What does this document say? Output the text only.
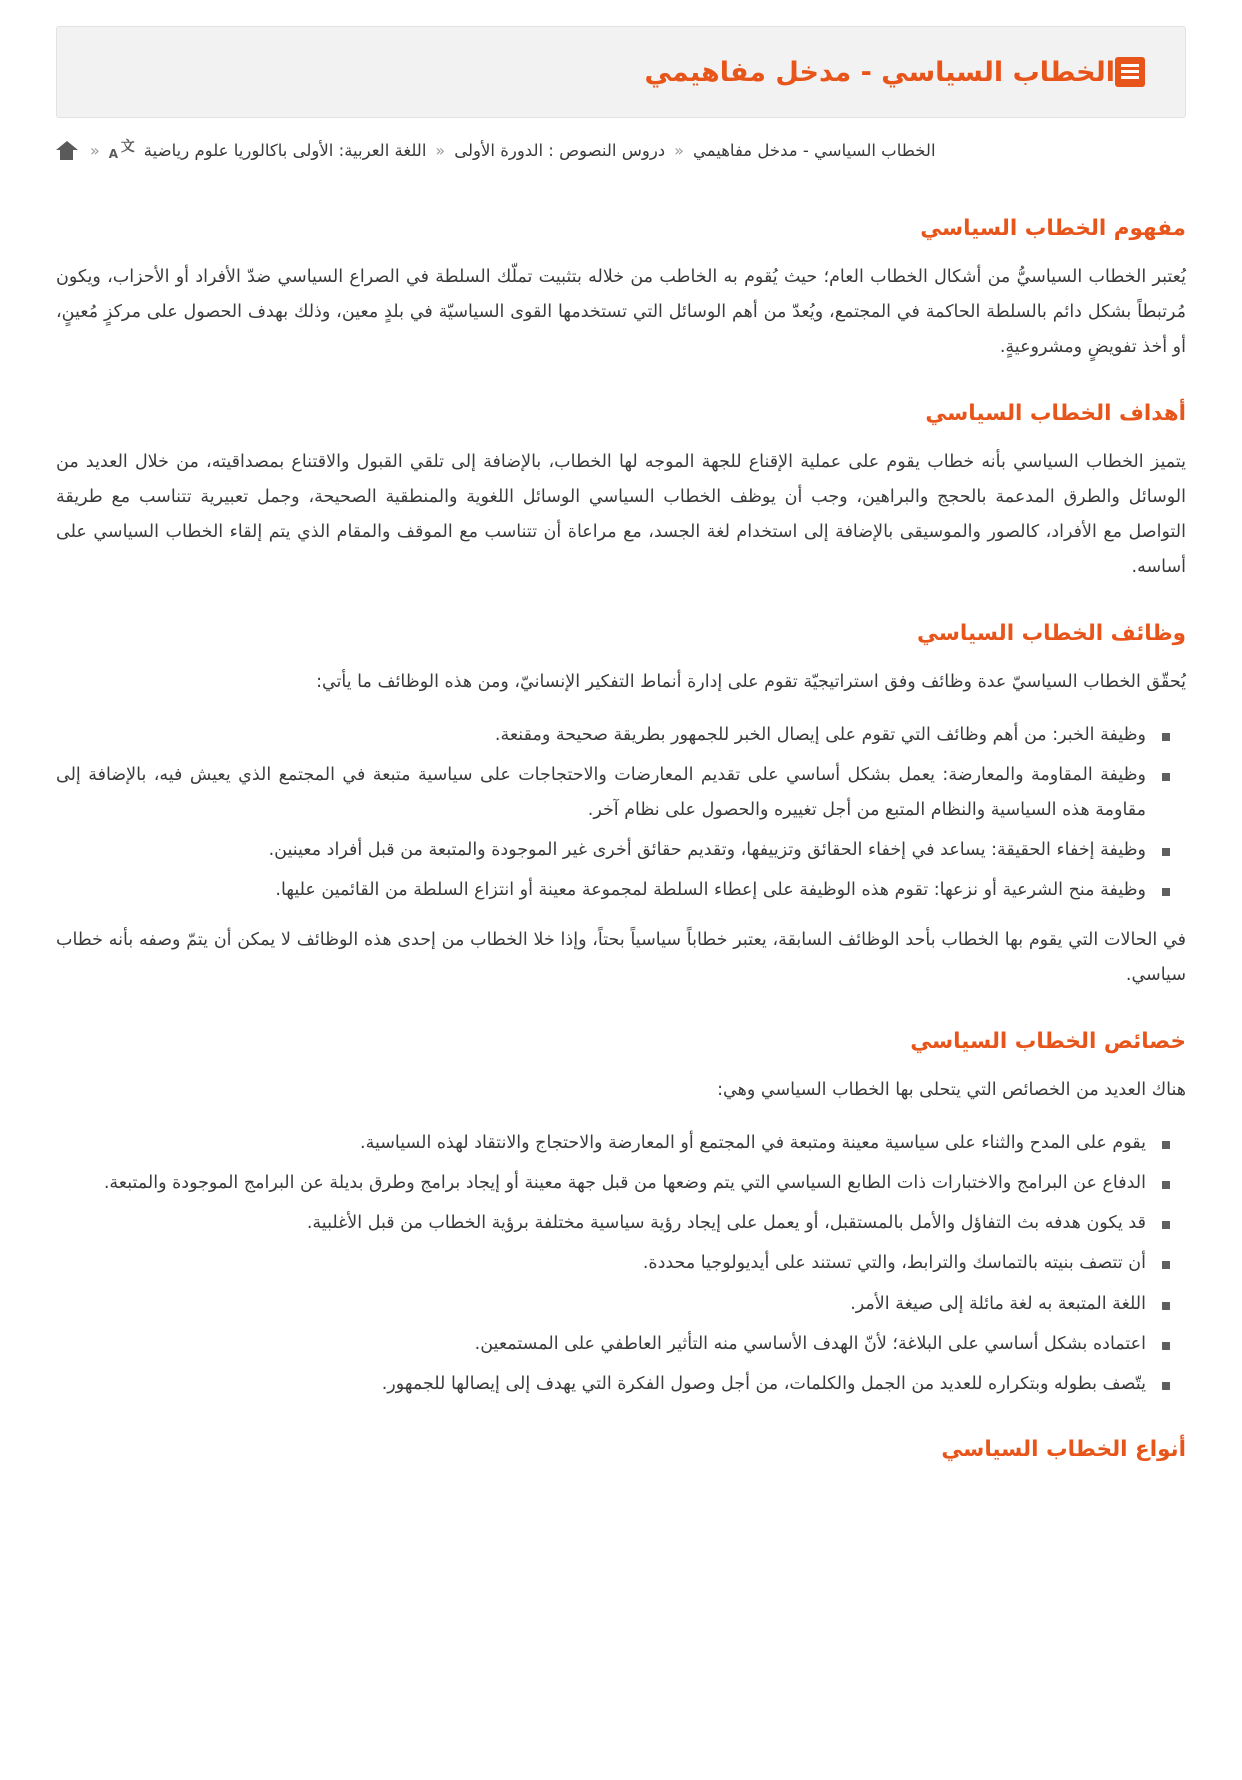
الخطاب السياسي - مدخل مفاهيمي
الخطاب السياسي - مدخل مفاهيمي
«
دروس النصوص : الدورة الأولى
«
اللغة العربية: الأولى باكالوريا علوم رياضية
文
A
«
مفهوم الخطاب السياسي

يُعتبر الخطاب السياسيُّ من أشكال الخطاب العام؛ حيث يُقوم به الخاطب من خلاله بتثبيت تملّك السلطة في الصراع السياسي ضدّ الأفراد أو الأحزاب، ويكون مُرتبطاً بشكل دائم بالسلطة الحاكمة في المجتمع، ويُعدّ من أهم الوسائل التي تستخدمها القوى السياسيّة في بلدٍ معين، وذلك بهدف الحصول على مركزٍ مُعينٍ، أو أخذ تفويضٍ ومشروعيةٍ.

أهداف الخطاب السياسي

يتميز الخطاب السياسي بأنه خطاب يقوم على عملية الإقناع للجهة الموجه لها الخطاب، بالإضافة إلى تلقي القبول والاقتناع بمصداقيته، من خلال العديد من الوسائل والطرق المدعمة بالحجج والبراهين، وجب أن يوظف الخطاب السياسي الوسائل اللغوية والمنطقية الصحيحة، وجمل تعبيرية تتناسب مع طريقة التواصل مع الأفراد، كالصور والموسيقى بالإضافة إلى استخدام لغة الجسد، مع مراعاة أن تتناسب مع الموقف والمقام الذي يتم إلقاء الخطاب السياسي على أساسه.

وظائف الخطاب السياسي

يُحقّق الخطاب السياسيّ عدة وظائف وفق استراتيجيّة تقوم على إدارة أنماط التفكير الإنسانيّ، ومن هذه الوظائف ما يأتي:

وظيفة الخبر: من أهم وظائف التي تقوم على إيصال الخبر للجمهور بطريقة صحيحة ومقنعة.
وظيفة المقاومة والمعارضة: يعمل بشكل أساسي على تقديم المعارضات والاحتجاجات على سياسية متبعة في المجتمع الذي يعيش فيه، بالإضافة إلى مقاومة هذه السياسية والنظام المتبع من أجل تغييره والحصول على نظام آخر.
وظيفة إخفاء الحقيقة: يساعد في إخفاء الحقائق وتزييفها، وتقديم حقائق أخرى غير الموجودة والمتبعة من قبل أفراد معينين.
وظيفة منح الشرعية أو نزعها: تقوم هذه الوظيفة على إعطاء السلطة لمجموعة معينة أو انتزاع السلطة من القائمين عليها.

في الحالات التي يقوم بها الخطاب بأحد الوظائف السابقة، يعتبر خطاباً سياسياً بحتاً، وإذا خلا الخطاب من إحدى هذه الوظائف لا يمكن أن يتمّ وصفه بأنه خطاب سياسي.

خصائص الخطاب السياسي

هناك العديد من الخصائص التي يتحلى بها الخطاب السياسي وهي:

يقوم على المدح والثناء على سياسية معينة ومتبعة في المجتمع أو المعارضة والاحتجاج والانتقاد لهذه السياسية.
الدفاع عن البرامج والاختبارات ذات الطابع السياسي التي يتم وضعها من قبل جهة معينة أو إيجاد برامج وطرق بديلة عن البرامج الموجودة والمتبعة.
قد يكون هدفه بث التفاؤل والأمل بالمستقبل، أو يعمل على إيجاد رؤية سياسية مختلفة برؤية الخطاب من قبل الأغلبية.
أن تتصف بنيته بالتماسك والترابط، والتي تستند على أيديولوجيا محددة.
اللغة المتبعة به لغة مائلة إلى صيغة الأمر.
اعتماده بشكل أساسي على البلاغة؛ لأنّ الهدف الأساسي منه التأثير العاطفي على المستمعين.
يتّصف بطوله وبتكراره للعديد من الجمل والكلمات، من أجل وصول الفكرة التي يهدف إلى إيصالها للجمهور.
أنواع الخطاب السياسي
